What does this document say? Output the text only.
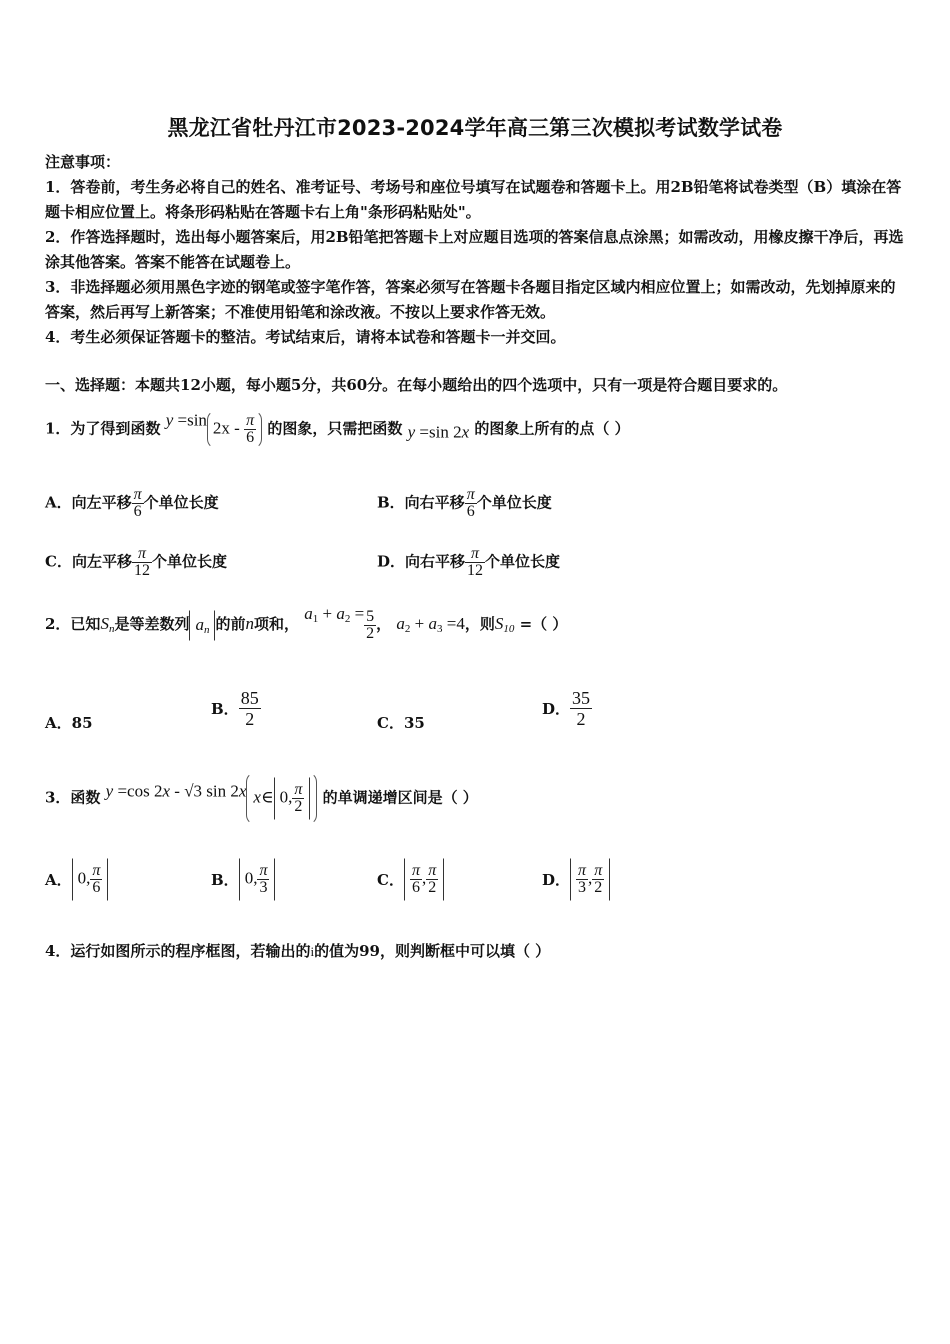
黑龙江省牡丹江市2023-2024学年高三第三次模拟考试数学试卷

注意事项：

1．答卷前，考生务必将自己的姓名、准考证号、考场号和座位号填写在试题卷和答题卡上。用2B铅笔将试卷类型（B）填涂在答题卡相应位置上。将条形码粘贴在答题卡右上角"条形码粘贴处"。

2．作答选择题时，选出每小题答案后，用2B铅笔把答题卡上对应题目选项的答案信息点涂黑；如需改动，用橡皮擦干净后，再选涂其他答案。答案不能答在试题卷上。

3．非选择题必须用黑色字迹的钢笔或签字笔作答，答案必须写在答题卡各题目指定区域内相应位置上；如需改动，先划掉原来的答案，然后再写上新答案；不准使用铅笔和涂改液。不按以上要求作答无效。

4．考生必须保证答题卡的整洁。考试结束后，请将本试卷和答题卡一并交回。

一、选择题：本题共12小题，每小题5分，共60分。在每小题给出的四个选项中，只有一项是符合题目要求的。
1．为了得到函数 y =sin $2x - \frac{\pi}{6}$ 的图象，只需把函数 y =sin 2x 的图象上所有的点（ ）
A．向左平移 $\frac{\pi}{6}$ 个单位长度	B．向右平移 $\frac{\pi}{6}$ 个单位长度
C．向左平移 $\frac{\pi}{12}$ 个单位长度	D．向右平移 $\frac{\pi}{12}$ 个单位长度
2．已知$S_n$是等差数列 $a_n$ 的前n项和， $a_1 + a_2 = \frac{5}{2}$ ， $a_2 + a_3 =4$，则$S_{10}$ =（ ）
A．85
B． $\frac{85}{2}$	C．35
D． $\frac{35}{2}$
3．函数 y =cos 2x - √3 sin 2x x∈ 0, $\frac{\pi}{2}$ 的单调递增区间是（ ）
A． 0, $\frac{\pi}{6}$	B． 0, $\frac{\pi}{3}$	C． $\frac{\pi}{6}$ , $\frac{\pi}{2}$	D． $\frac{\pi}{3}$ , $\frac{\pi}{2}$
4．运行如图所示的程序框图，若输出的i的值为99，则判断框中可以填（ ）
